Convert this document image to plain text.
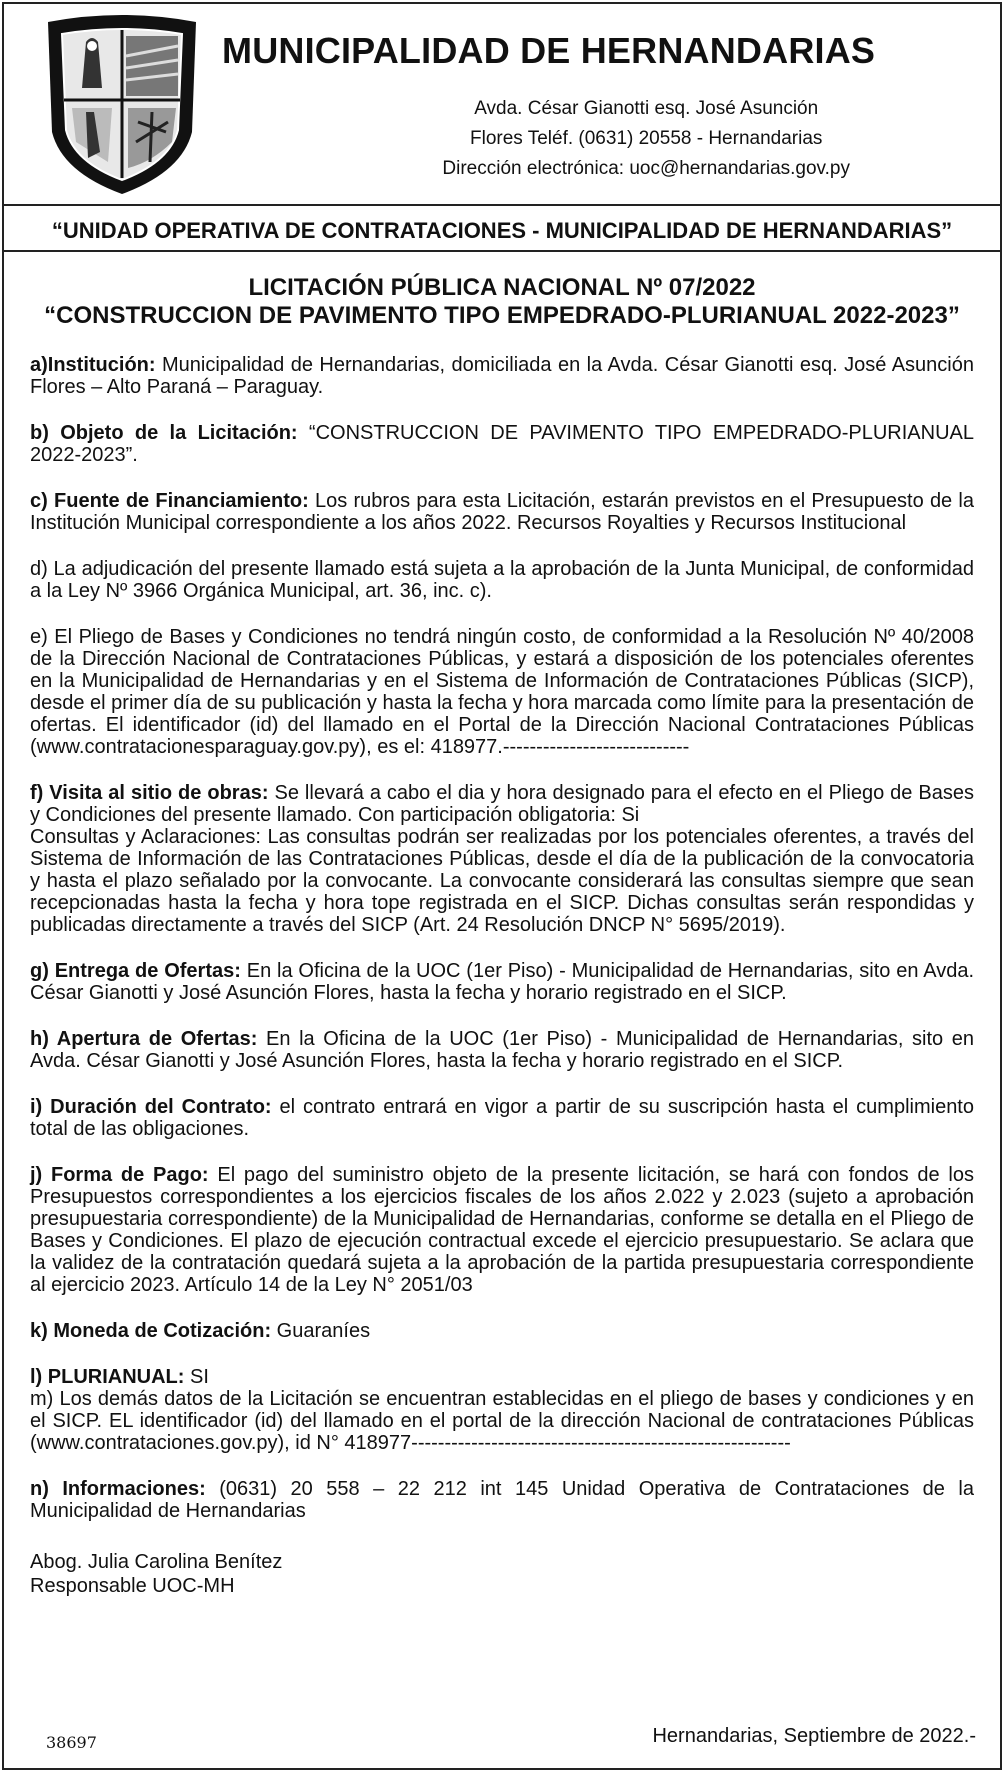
MUNICIPALIDAD DE HERNANDARIAS
Avda. César Gianotti esq. José Asunción
Flores Teléf. (0631) 20558 - Hernandarias
Dirección electrónica: uoc@hernandarias.gov.py
“UNIDAD OPERATIVA DE CONTRATACIONES - MUNICIPALIDAD DE HERNANDARIAS”
LICITACIÓN PÚBLICA NACIONAL Nº 07/2022
“CONSTRUCCION DE PAVIMENTO TIPO EMPEDRADO-PLURIANUAL 2022-2023”
a)Institución: Municipalidad de Hernandarias, domiciliada en la Avda. César Gianotti esq. José Asunción Flores – Alto Paraná – Paraguay.
b) Objeto de la Licitación: “CONSTRUCCION DE PAVIMENTO TIPO EMPEDRADO-PLURIANUAL 2022-2023”.
c) Fuente de Financiamiento: Los rubros para esta Licitación, estarán previstos en el Presupuesto de la Institución Municipal correspondiente a los años 2022. Recursos Royalties y Recursos Institucional
d) La adjudicación del presente llamado está sujeta a la aprobación de la Junta Municipal, de conformidad a la Ley Nº 3966 Orgánica Municipal, art. 36, inc. c).
e) El Pliego de Bases y Condiciones no tendrá ningún costo, de conformidad a la Resolución Nº 40/2008 de la Dirección Nacional de Contrataciones Públicas, y estará a disposición de los potenciales oferentes en la Municipalidad de Hernandarias y en el Sistema de Información de Contrataciones Públicas (SICP), desde el primer día de su publicación y hasta la fecha y hora marcada como límite para la presentación de ofertas. El identificador (id) del llamado en el Portal de la Dirección Nacional Contrataciones Públicas (www.contratacionesparaguay.gov.py), es el: 418977.----------------------------
f) Visita al sitio de obras: Se llevará a cabo el dia y hora designado para el efecto en el Pliego de Bases y Condiciones del presente llamado. Con participación obligatoria: Si
Consultas y Aclaraciones: Las consultas podrán ser realizadas por los potenciales oferentes, a través del Sistema de Información de las Contrataciones Públicas, desde el día de la publicación de la convocatoria y hasta el plazo señalado por la convocante. La convocante considerará las consultas siempre que sean recepcionadas hasta la fecha y hora tope registrada en el SICP. Dichas consultas serán respondidas y publicadas directamente a través del SICP (Art. 24 Resolución DNCP N° 5695/2019).
g) Entrega de Ofertas: En la Oficina de la UOC (1er Piso) - Municipalidad de Hernandarias, sito en Avda. César Gianotti y José Asunción Flores, hasta la fecha y horario registrado en el SICP.
h) Apertura de Ofertas: En la Oficina de la UOC (1er Piso) - Municipalidad de Hernandarias, sito en Avda. César Gianotti y José Asunción Flores, hasta la fecha y horario registrado en el SICP.
i) Duración del Contrato: el contrato entrará en vigor a partir de su suscripción hasta el cumplimiento total de las obligaciones.
j) Forma de Pago: El pago del suministro objeto de la presente licitación, se hará con fondos de los Presupuestos correspondientes a los ejercicios fiscales de los años 2.022 y 2.023 (sujeto a aprobación presupuestaria correspondiente) de la Municipalidad de Hernandarias, conforme se detalla en el Pliego de Bases y Condiciones. El plazo de ejecución contractual excede el ejercicio presupuestario. Se aclara que la validez de la contratación quedará sujeta a la aprobación de la partida presupuestaria correspondiente al ejercicio 2023. Artículo 14 de la Ley N° 2051/03
k) Moneda de Cotización: Guaraníes
l) PLURIANUAL: SI
m) Los demás datos de la Licitación se encuentran establecidas en el pliego de bases y condiciones y en el SICP. EL identificador (id) del llamado en el portal de la dirección Nacional de contrataciones Públicas (www.contrataciones.gov.py), id N° 418977---------------------------------------------------------
n) Informaciones: (0631) 20 558 – 22 212 int 145 Unidad Operativa de Contrataciones de la Municipalidad de Hernandarias
Abog. Julia Carolina Benítez
Responsable UOC-MH
38697	Hernandarias, Septiembre de 2022.-
